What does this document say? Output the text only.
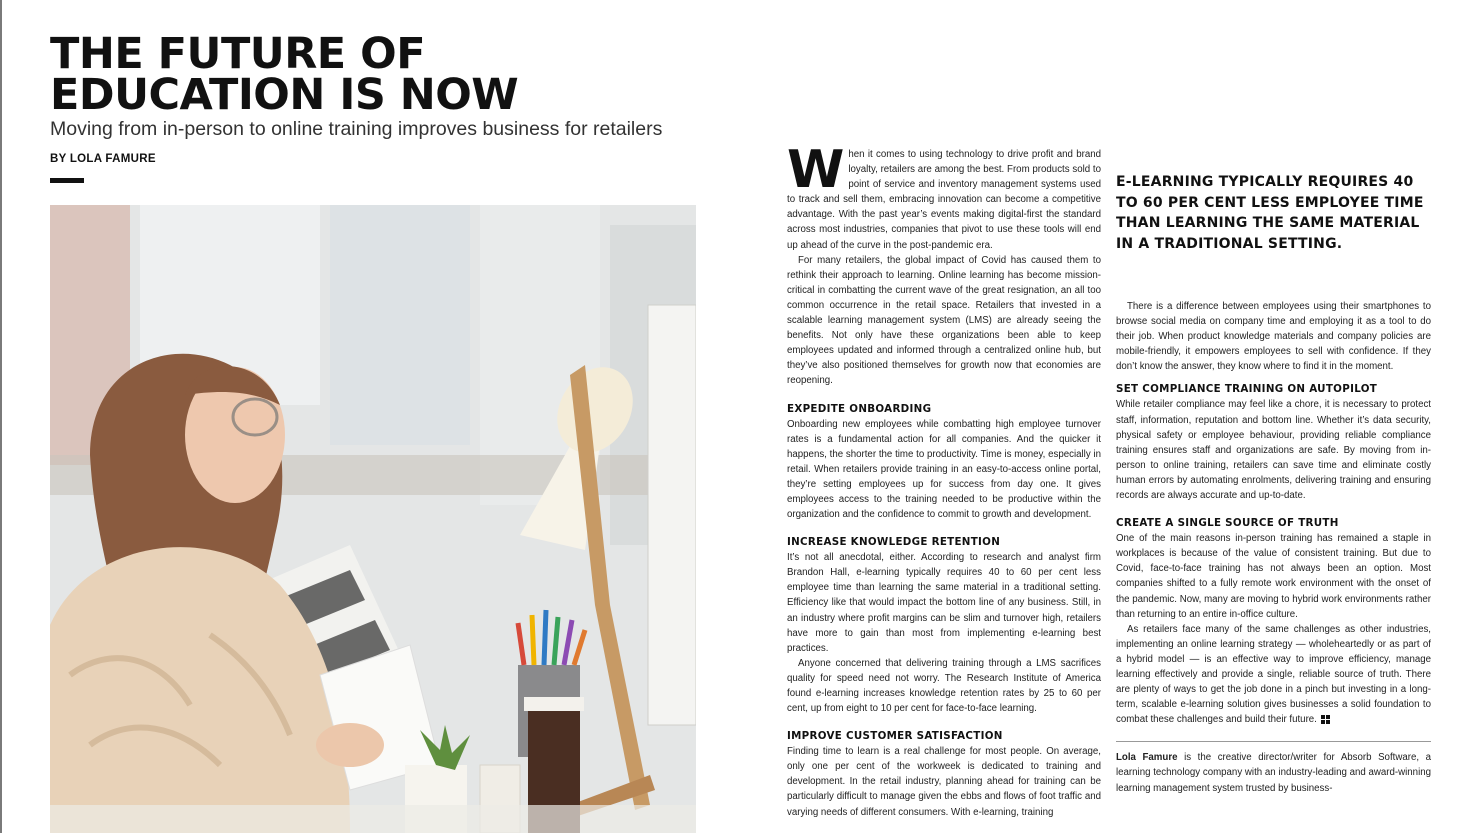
THE FUTURE OF
EDUCATION IS NOW
Moving from in-person to online training improves business for retailers
BY LOLA FAMURE	W hen it comes to using technology to drive profit and brand loyalty, retailers are among the best. From products sold to point of service and inventory management systems used to track and sell them, embracing innovation can become a competitive advantage. With the past year’s events making digital-first the standard across most industries, companies that pivot to use these tools will end up ahead of the curve in the post-pandemic era.

For many retailers, the global impact of Covid has caused them to rethink their approach to learning. Online learning has become mission-critical in combatting the current wave of the great resignation, an all too common occurrence in the retail space. Retailers that invested in a scalable learning management system (LMS) are already seeing the benefits. Not only have these organizations been able to keep employees updated and informed through a centralized online hub, but they’ve also positioned themselves for growth now that economies are reopening.

EXPEDITE ONBOARDING

Onboarding new employees while combatting high employee turnover rates is a fundamental action for all companies. And the quicker it happens, the shorter the time to productivity. Time is money, especially in retail. When retailers provide training in an easy-to-access online portal, they’re setting employees up for success from day one. It gives employees access to the training needed to be productive within the organization and the confidence to commit to growth and development.

INCREASE KNOWLEDGE RETENTION

It’s not all anecdotal, either. According to research and analyst firm Brandon Hall, e-learning typically requires 40 to 60 per cent less employee time than learning the same material in a traditional setting. Efficiency like that would impact the bottom line of any business. Still, in an industry where profit margins can be slim and turnover high, retailers have more to gain than most from implementing e-learning best practices.

Anyone concerned that delivering training through a LMS sacrifices quality for speed need not worry. The Research Institute of America found e-learning increases knowledge retention rates by 25 to 60 per cent, up from eight to 10 per cent for face-to-face learning.

IMPROVE CUSTOMER SATISFACTION

Finding time to learn is a real challenge for most people. On average, only one per cent of the workweek is dedicated to training and development. In the retail industry, planning ahead for training can be particularly difficult to manage given the ebbs and flows of foot traffic and varying needs of different consumers. With e-learning, training

E-LEARNING TYPICALLY REQUIRES 40 TO 60 PER CENT LESS EMPLOYEE TIME THAN LEARNING THE SAME MATERIAL IN A TRADITIONAL SETTING.

There is a difference between employees using their smartphones to browse social media on company time and employing it as a tool to do their job. When product knowledge materials and company policies are mobile-friendly, it empowers employees to sell with confidence. If they don’t know the answer, they know where to find it in the moment.

SET COMPLIANCE TRAINING ON AUTOPILOT

While retailer compliance may feel like a chore, it is necessary to protect staff, information, reputation and bottom line. Whether it’s data security, physical safety or employee behaviour, providing reliable compliance training ensures staff and organizations are safe. By moving from in-person to online training, retailers can save time and eliminate costly human errors by automating enrolments, delivering training and ensuring records are always accurate and up-to-date.

CREATE A SINGLE SOURCE OF TRUTH

One of the main reasons in-person training has remained a staple in workplaces is because of the value of consistent training. But due to Covid, face-to-face training has not always been an option. Most companies shifted to a fully remote work environment with the onset of the pandemic. Now, many are moving to hybrid work environments rather than returning to an entire in-office culture.

As retailers face many of the same challenges as other industries, implementing an online learning strategy — wholeheartedly or as part of a hybrid model — is an effective way to improve efficiency, manage learning effectively and provide a single, reliable source of truth. There are plenty of ways to get the job done in a pinch but investing in a long-term, scalable e-learning solution gives businesses a solid foundation to combat these challenges and build their future.

Lola Famure is the creative director/writer for Absorb Software, a learning technology company with an industry-leading and award-winning learning management system trusted by business-
